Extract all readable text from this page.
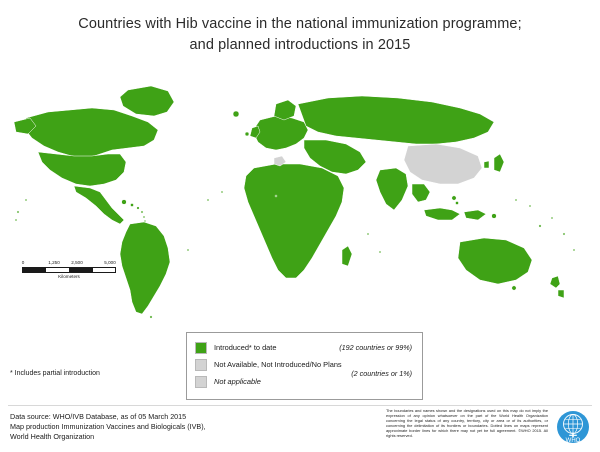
Countries with Hib vaccine in the national immunization programme;
and planned introductions in 2015
0	1,250	2,500	5,000
Kilometers
Introduced* to date	(192 countries or 99%)
Not Available, Not Introduced/No Plans
(2 countries or 1%)
Not applicable
* Includes partial introduction
Data source: WHO/IVB Database, as of 05 March 2015
Map production Immunization Vaccines and Biologicals (IVB),
World Health Organization
The boundaries and names shown and the designations used on this map do not imply the expression of any opinion whatsoever on the part of the World Health Organization concerning the legal status of any country, territory, city or area or of its authorities, or concerning the delimitation of its frontiers or boundaries. Dotted lines on maps represent approximate border lines for which there may not yet be full agreement. ©WHO 2015. All rights reserved.
WHO
